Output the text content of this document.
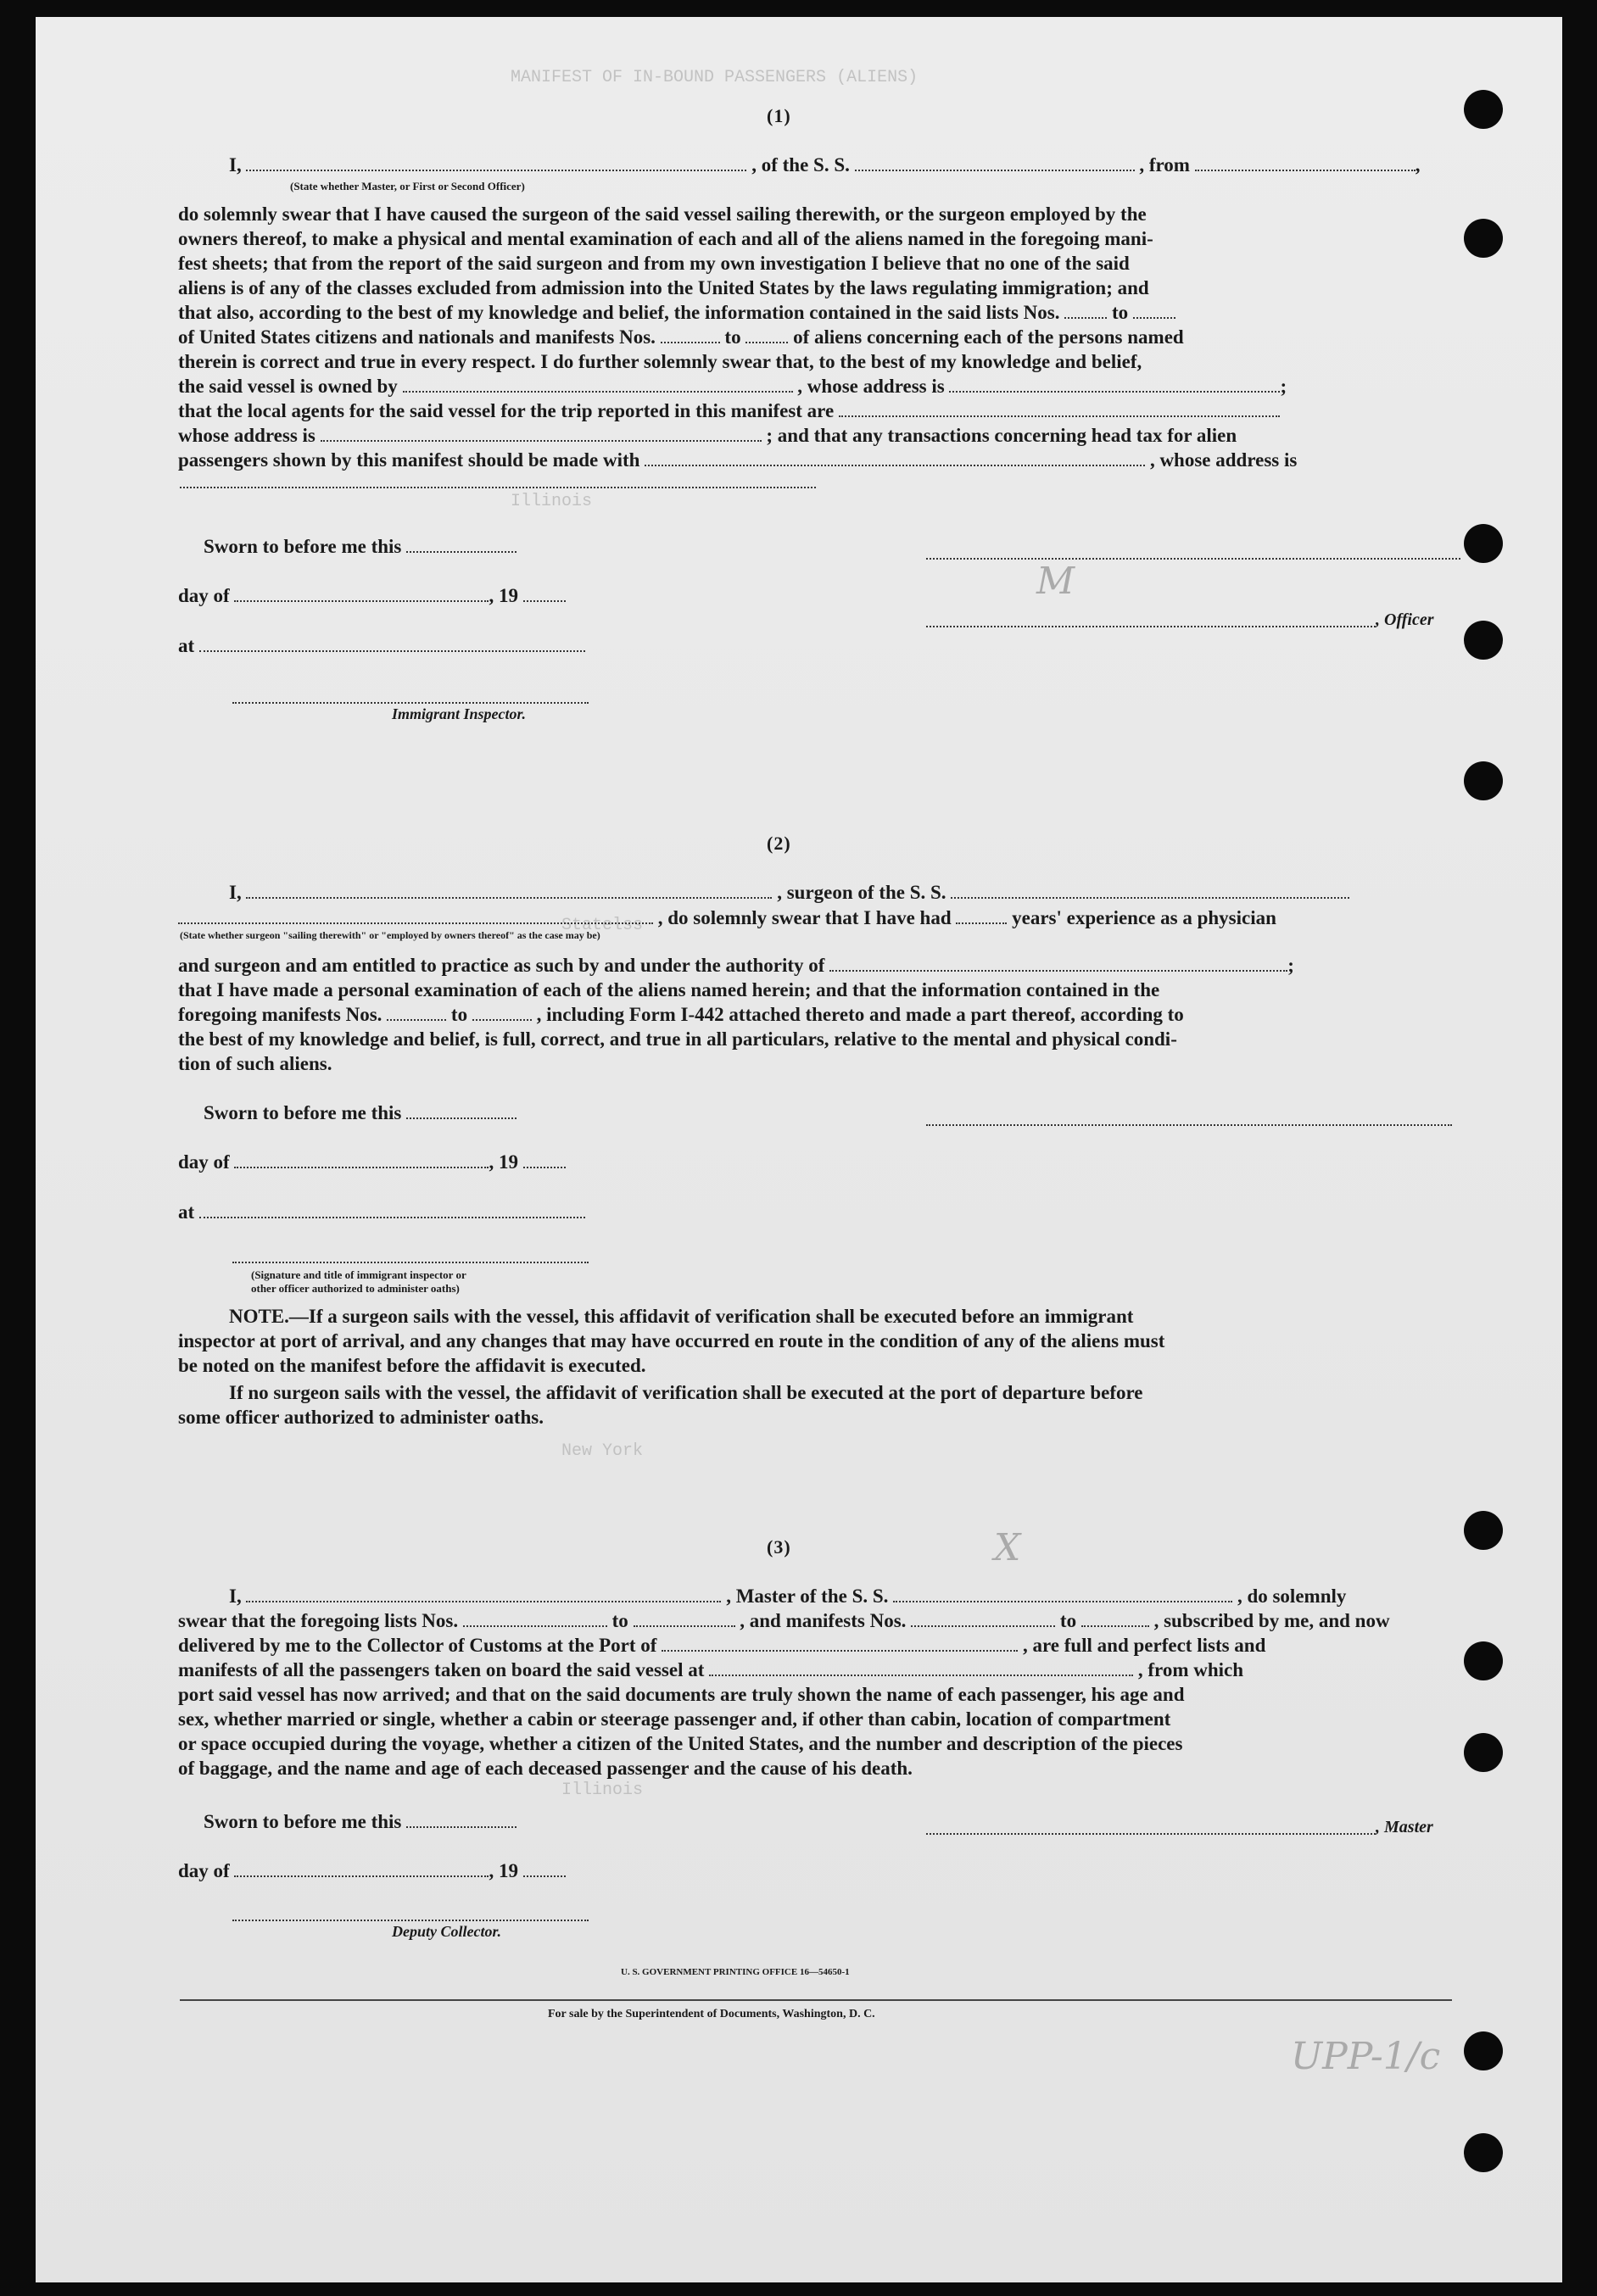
MANIFEST OF IN-BOUND PASSENGERS (ALIENS)
Illinois
Statelss
New York
Illinois
M
X
UPP-1/c
(1)
I,	, of the S. S.	, from	,
(State whether Master, or First or Second Officer)
do solemnly swear that I have caused the surgeon of the said vessel sailing therewith, or the surgeon employed by the
owners thereof, to make a physical and mental examination of each and all of the aliens named in the foregoing mani-
fest sheets; that from the report of the said surgeon and from my own investigation I believe that no one of the said
aliens is of any of the classes excluded from admission into the United States by the laws regulating immigration; and
that also, according to the best of my knowledge and belief, the information contained in the said lists Nos.	to
of United States citizens and nationals and manifests Nos.	to	of aliens concerning each of the persons named
therein is correct and true in every respect. I do further solemnly swear that, to the best of my knowledge and belief,
the said vessel is owned by	, whose address is	;
that the local agents for the said vessel for the trip reported in this manifest are
whose address is	; and that any transactions concerning head tax for alien
passengers shown by this manifest should be made with	, whose address is
Sworn to before me this
day of	, 19
, Officer
at
Immigrant Inspector.
(2)
I,	, surgeon of the S. S.
, do solemnly swear that I have had	years' experience as a physician
(State whether surgeon "sailing therewith" or "employed by owners thereof" as the case may be)
and surgeon and am entitled to practice as such by and under the authority of	;
that I have made a personal examination of each of the aliens named herein; and that the information contained in the
foregoing manifests Nos.	to	, including Form I-442 attached thereto and made a part thereof, according to
the best of my knowledge and belief, is full, correct, and true in all particulars, relative to the mental and physical condi-
tion of such aliens.
Sworn to before me this
day of	, 19
at
(Signature and title of immigrant inspector or
other officer authorized to administer oaths)
NOTE.—If a surgeon sails with the vessel, this affidavit of verification shall be executed before an immigrant
inspector at port of arrival, and any changes that may have occurred en route in the condition of any of the aliens must
be noted on the manifest before the affidavit is executed.
If no surgeon sails with the vessel, the affidavit of verification shall be executed at the port of departure before
some officer authorized to administer oaths.
(3)
I,	, Master of the S. S.	, do solemnly
swear that the foregoing lists Nos.	to	, and manifests Nos.	to	, subscribed by me, and now
delivered by me to the Collector of Customs at the Port of	, are full and perfect lists and
manifests of all the passengers taken on board the said vessel at	, from which
port said vessel has now arrived; and that on the said documents are truly shown the name of each passenger, his age and
sex, whether married or single, whether a cabin or steerage passenger and, if other than cabin, location of compartment
or space occupied during the voyage, whether a citizen of the United States, and the number and description of the pieces
of baggage, and the name and age of each deceased passenger and the cause of his death.
Sworn to before me this	, Master
day of	, 19
Deputy Collector.
U. S. GOVERNMENT PRINTING OFFICE 16—54650-1
For sale by the Superintendent of Documents, Washington, D. C.
